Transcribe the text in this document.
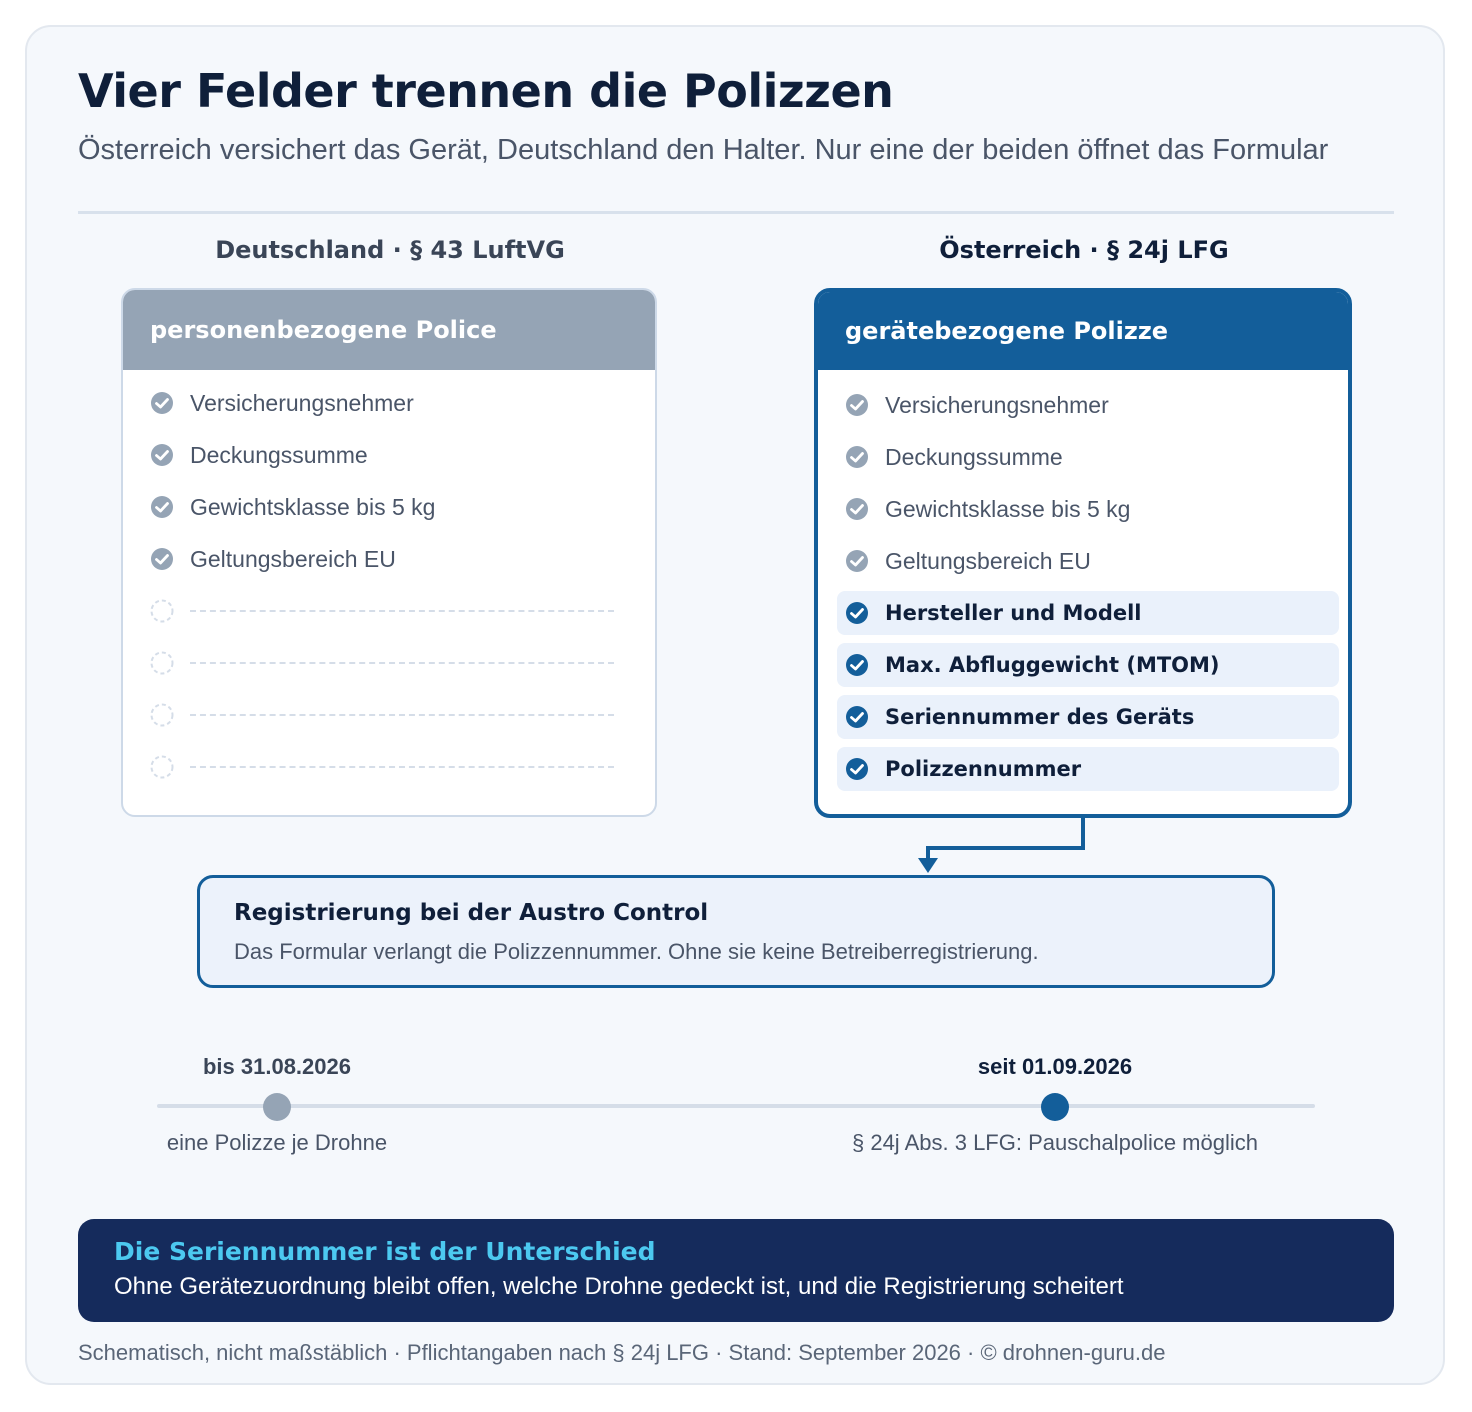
Vier Felder trennen die Polizzen
Österreich versichert das Gerät, Deutschland den Halter. Nur eine der beiden öffnet das Formular
Deutschland · § 43 LuftVG	Österreich · § 24j LFG
personenbezogene Police
Versicherungsnehmer
Deckungssumme
Gewichtsklasse bis 5 kg
Geltungsbereich EU
gerätebezogene Polizze
Versicherungsnehmer
Deckungssumme
Gewichtsklasse bis 5 kg
Geltungsbereich EU
Hersteller und Modell
Max. Abfluggewicht (MTOM)
Seriennummer des Geräts
Polizzennummer
Registrierung bei der Austro Control
Das Formular verlangt die Polizzennummer. Ohne sie keine Betreiberregistrierung.
bis 31.08.2026	seit 01.09.2026
eine Polizze je Drohne	§ 24j Abs. 3 LFG: Pauschalpolice möglich
Die Seriennummer ist der Unterschied
Ohne Gerätezuordnung bleibt offen, welche Drohne gedeckt ist, und die Registrierung scheitert
Schematisch, nicht maßstäblich · Pflichtangaben nach § 24j LFG · Stand: September 2026 · © drohnen-guru.de
